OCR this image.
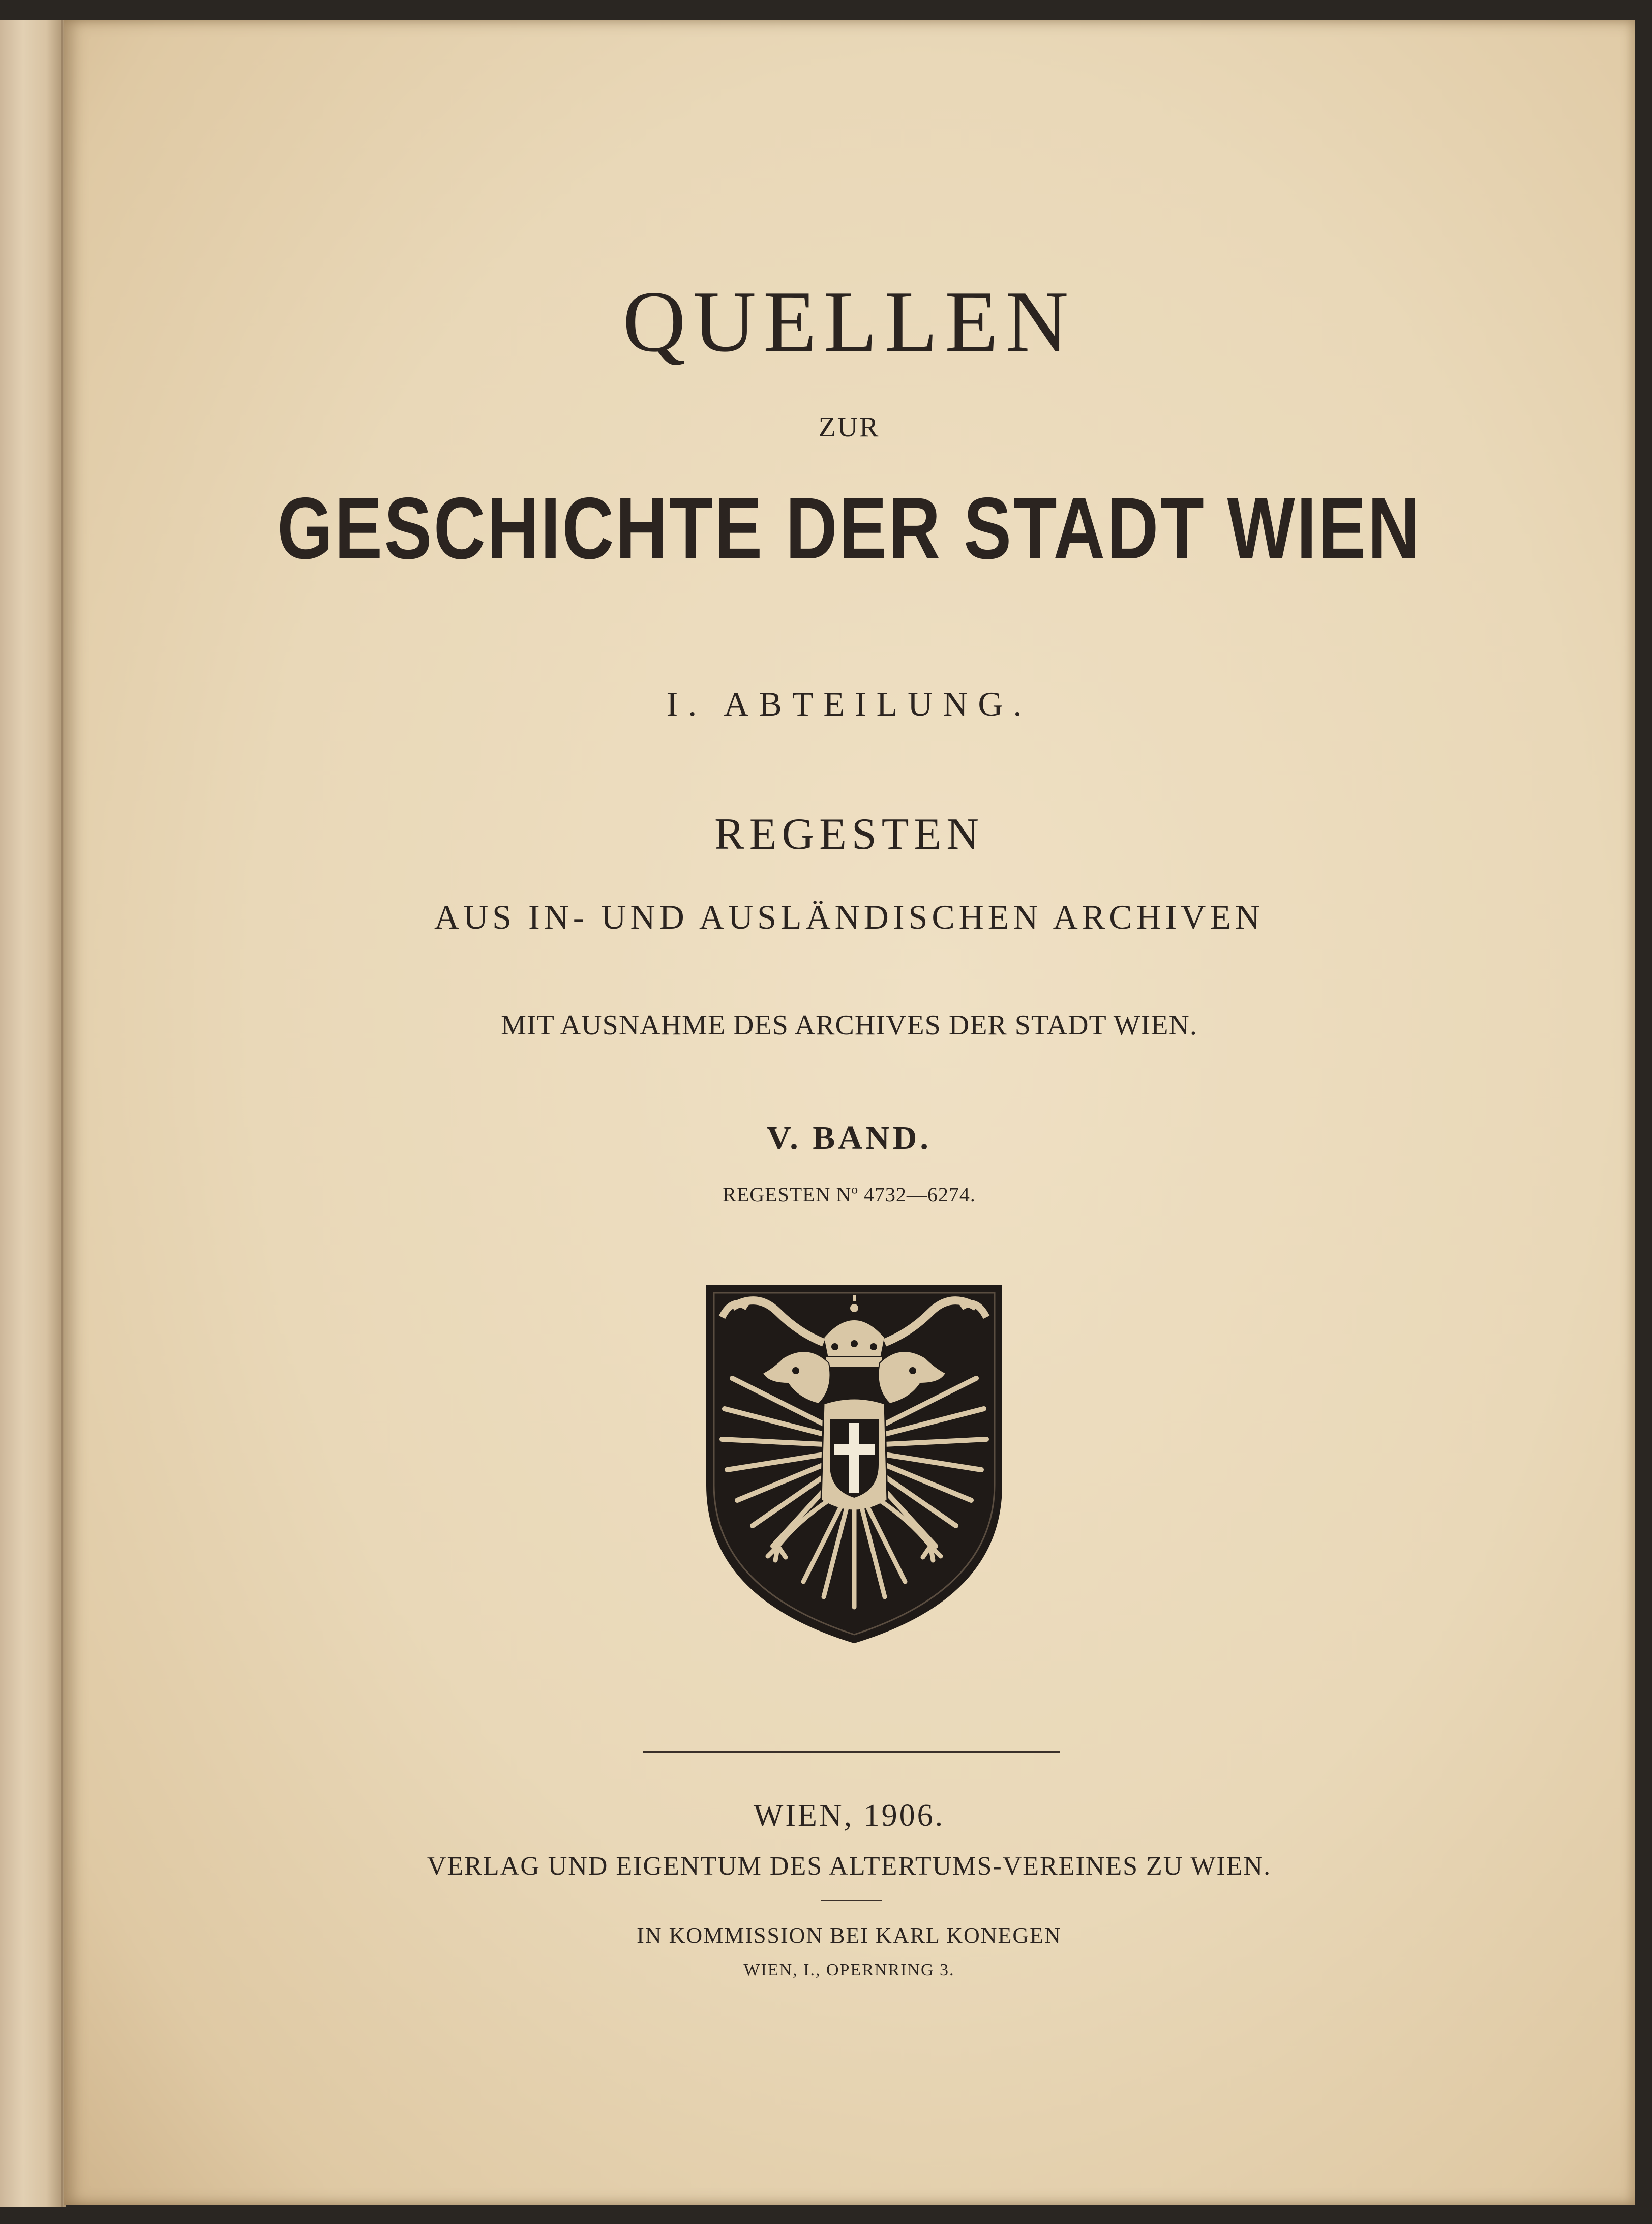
QUELLEN

ZUR

GESCHICHTE DER STADT WIEN

I. ABTEILUNG.

REGESTEN

AUS IN- UND AUSLÄNDISCHEN ARCHIVEN

MIT AUSNAHME DES ARCHIVES DER STADT WIEN.

V. BAND.

REGESTEN Nº 4732—6274.

WIEN, 1906.

VERLAG UND EIGENTUM DES ALTERTUMS-VEREINES ZU WIEN.

IN KOMMISSION BEI KARL KONEGEN

WIEN, I., OPERNRING 3.
